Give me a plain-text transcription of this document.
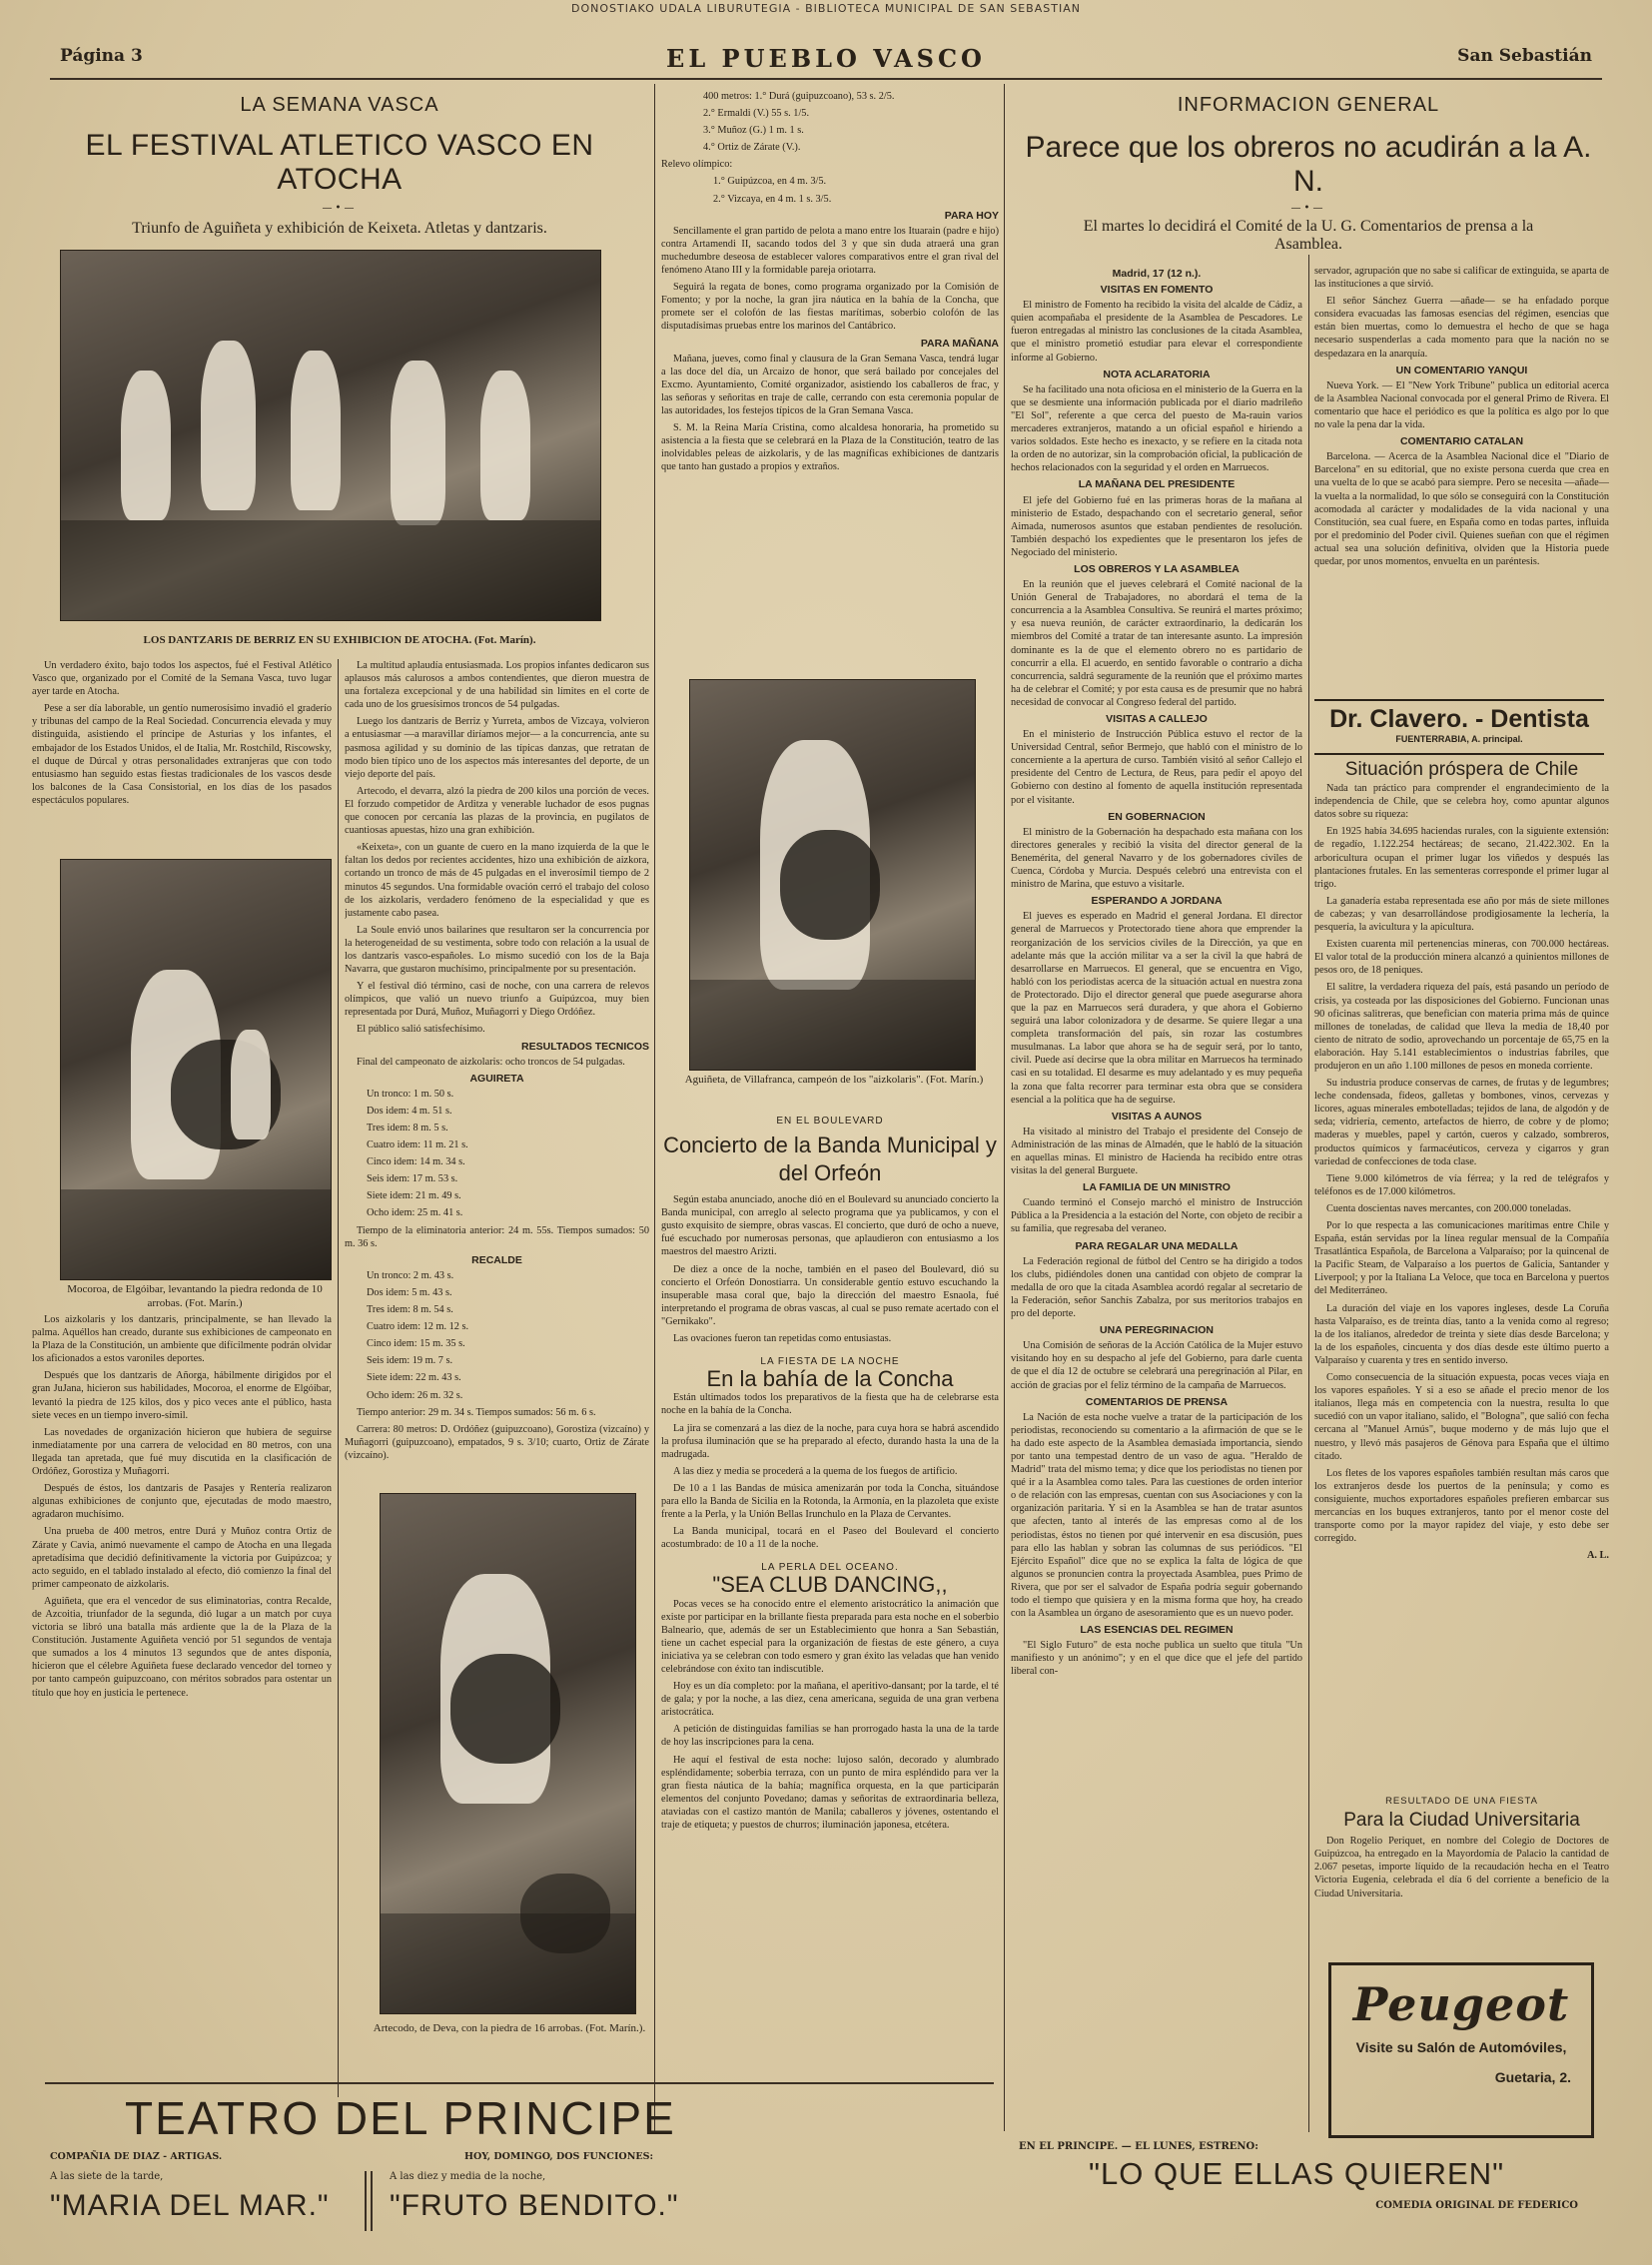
DONOSTIAKO UDALA LIBURUTEGIA - BIBLIOTECA MUNICIPAL DE SAN SEBASTIAN
Página 3	EL PUEBLO VASCO	San Sebastián
LA SEMANA VASCA
EL FESTIVAL ATLETICO VASCO EN ATOCHA
—•—
Triunfo de Aguiñeta y exhibición de Keixeta. Atletas y dantzaris.
LOS DANTZARIS DE BERRIZ EN SU EXHIBICION DE ATOCHA. (Fot. Marín).

Un verdadero éxito, bajo todos los aspectos, fué el Festival Atlético Vasco que, organizado por el Comité de la Semana Vasca, tuvo lugar ayer tarde en Atocha.

Pese a ser día laborable, un gentío numerosísimo invadió el graderío y tribunas del campo de la Real Sociedad. Concurrencia elevada y muy distinguida, asistiendo el príncipe de Asturias y los infantes, el embajador de los Estados Unidos, el de Italia, Mr. Rostchild, Riscowsky, el duque de Dúrcal y otras personalidades extranjeras que con todo entusiasmo han seguido estas fiestas tradicionales de los vascos desde los balcones de la Casa Consistorial, en los días de los pasados espectáculos populares.

Mocoroa, de Elgóibar, levantando la piedra redonda de 10 arrobas. (Fot. Marín.)

Los aizkolaris y los dantzaris, principalmente, se han llevado la palma. Aquéllos han creado, durante sus exhibiciones de campeonato en la Plaza de la Constitución, un ambiente que difícilmente podrán olvidar los aficionados a estos varoniles deportes.

Después que los dantzaris de Añorga, hábilmente dirigidos por el gran JuJana, hicieron sus habilidades, Mocoroa, el enorme de Elgóibar, levantó la piedra de 125 kilos, dos y pico veces ante el público, hasta siete veces en un tiempo invero-símil.

Las novedades de organización hicieron que hubiera de seguirse inmediatamente por una carrera de velocidad en 80 metros, con una llegada tan apretada, que fué muy discutida en la clasificación de Ordóñez, Gorostiza y Muñagorri.

Después de éstos, los dantzaris de Pasajes y Rentería realizaron algunas exhibiciones de conjunto que, ejecutadas de modo maestro, agradaron muchísimo.

Una prueba de 400 metros, entre Durá y Muñoz contra Ortiz de Zárate y Cavia, animó nuevamente el campo de Atocha en una llegada apretadísima que decidió definitivamente la victoria por Guipúzcoa; y acto seguido, en el tablado instalado al efecto, dió comienzo la final del primer campeonato de aizkolaris.

Aguiñeta, que era el vencedor de sus eliminatorias, contra Recalde, de Azcoitia, triunfador de la segunda, dió lugar a un match por cuya victoria se libró una batalla más ardiente que la de la Plaza de la Constitución. Justamente Aguiñeta venció por 51 segundos de ventaja que sumados a los 4 minutos 13 segundos que de antes disponía, hicieron que el célebre Aguiñeta fuese declarado vencedor del torneo y por tanto campeón guipuzcoano, con méritos sobrados para ostentar un título que hoy en justicia le pertenece.

La multitud aplaudía entusiasmada. Los propios infantes dedicaron sus aplausos más calurosos a ambos contendientes, que dieron muestra de una fortaleza excepcional y de una habilidad sin límites en el corte de cada uno de los gruesísimos troncos de 54 pulgadas.

Luego los dantzaris de Berriz y Yurreta, ambos de Vizcaya, volvieron a entusiasmar —a maravillar diríamos mejor— a la concurrencia, ante su pasmosa agilidad y su dominio de las típicas danzas, que retratan de modo bien típico uno de los aspectos más interesantes del deporte, de un viejo deporte del país.

Artecodo, el devarra, alzó la piedra de 200 kilos una porción de veces. El forzudo competidor de Arditza y venerable luchador de esos pugnas que conocen por cercanía las plazas de la provincia, en pugilatos de cuantiosas apuestas, hizo una gran exhibición.

«Keixeta», con un guante de cuero en la mano izquierda de la que le faltan los dedos por recientes accidentes, hizo una exhibición de aizkora, cortando un tronco de más de 45 pulgadas en el inverosímil tiempo de 2 minutos 45 segundos. Una formidable ovación cerró el trabajo del coloso de los aizkolaris, verdadero fenómeno de la especialidad y que es justamente cabo pasea.

La Soule envió unos bailarines que resultaron ser la concurrencia por la heterogeneidad de su vestimenta, sobre todo con relación a la usual de los dantzaris vasco-españoles. Lo mismo sucedió con los de la Baja Navarra, que gustaron muchísimo, principalmente por su presentación.

Y el festival dió término, casi de noche, con una carrera de relevos olímpicos, que valió un nuevo triunfo a Guipúzcoa, muy bien representada por Durá, Muñoz, Muñagorri y Diego Ordóñez.

El público salió satisfechísimo.

RESULTADOS TECNICOS

Final del campeonato de aizkolaris: ocho troncos de 54 pulgadas.

AGUIRETA

Un tronco: 1 m. 50 s.

Dos idem: 4 m. 51 s.

Tres idem: 8 m. 5 s.

Cuatro idem: 11 m. 21 s.

Cinco idem: 14 m. 34 s.

Seis idem: 17 m. 53 s.

Siete idem: 21 m. 49 s.

Ocho idem: 25 m. 41 s.

Tiempo de la eliminatoria anterior: 24 m. 55s. Tiempos sumados: 50 m. 36 s.

RECALDE

Un tronco: 2 m. 43 s.

Dos idem: 5 m. 43 s.

Tres idem: 8 m. 54 s.

Cuatro idem: 12 m. 12 s.

Cinco idem: 15 m. 35 s.

Seis idem: 19 m. 7 s.

Siete idem: 22 m. 43 s.

Ocho idem: 26 m. 32 s.

Tiempo anterior: 29 m. 34 s. Tiempos sumados: 56 m. 6 s.

Carrera: 80 metros: D. Ordóñez (guipuzcoano), Gorostiza (vizcaíno) y Muñagorri (guipuzcoano), empatados, 9 s. 3/10; cuarto, Ortiz de Zárate (vizcaíno).

Artecodo, de Deva, con la piedra de 16 arrobas. (Fot. Marín.).

400 metros: 1.° Durá (guipuzcoano), 53 s. 2/5.

2.° Ermaldi (V.) 55 s. 1/5.

3.° Muñoz (G.) 1 m. 1 s.

4.° Ortiz de Zárate (V.).

Relevo olímpico:

1.° Guipúzcoa, en 4 m. 3/5.

2.° Vizcaya, en 4 m. 1 s. 3/5.

PARA HOY

Sencillamente el gran partido de pelota a mano entre los Ituarain (padre e hijo) contra Artamendi II, sacando todos del 3 y que sin duda atraerá una gran muchedumbre deseosa de establecer valores comparativos entre el gran rival del fenómeno Atano III y la formidable pareja oriotarra.

Seguirá la regata de bones, como programa organizado por la Comisión de Fomento; y por la noche, la gran jira náutica en la bahía de la Concha, que promete ser el colofón de las fiestas marítimas, soberbio colofón de las disputadísimas pruebas entre los marinos del Cantábrico.

PARA MAÑANA

Mañana, jueves, como final y clausura de la Gran Semana Vasca, tendrá lugar a las doce del día, un Arcaizo de honor, que será bailado por concejales del Excmo. Ayuntamiento, Comité organizador, asistiendo los caballeros de frac, y las señoras y señoritas en traje de calle, cerrando con esta ceremonia popular de las autoridades, los festejos típicos de la Gran Semana Vasca.

S. M. la Reina María Cristina, como alcaldesa honoraria, ha prometido su asistencia a la fiesta que se celebrará en la Plaza de la Constitución, teatro de las inolvidables peleas de aizkolaris, y de las magníficas exhibiciones de dantzaris que tanto han gustado a propios y extraños.

Aguiñeta, de Villafranca, campeón de los "aizkolaris". (Fot. Marín.)
EN EL BOULEVARD
Concierto de la Banda Municipal y del Orfeón

Según estaba anunciado, anoche dió en el Boulevard su anunciado concierto la Banda municipal, con arreglo al selecto programa que ya publicamos, y con el gusto exquisito de siempre, obras vascas. El concierto, que duró de ocho a nueve, fué escuchado por numerosas personas, que aplaudieron con entusiasmo a los maestros del maestro Arizti.

De diez a once de la noche, también en el paseo del Boulevard, dió su concierto el Orfeón Donostiarra. Un considerable gentío estuvo escuchando la insuperable masa coral que, bajo la dirección del maestro Esnaola, fué interpretando el programa de obras vascas, al cual se puso remate acertado con el "Gernikako".

Las ovaciones fueron tan repetidas como entusiastas.

LA FIESTA DE LA NOCHE
En la bahía de la Concha

Están ultimados todos los preparativos de la fiesta que ha de celebrarse esta noche en la bahía de la Concha.

La jira se comenzará a las diez de la noche, para cuya hora se habrá ascendido la profusa iluminación que se ha preparado al efecto, durando hasta la una de la madrugada.

A las diez y media se procederá a la quema de los fuegos de artificio.

De 10 a 1 las Bandas de música amenizarán por toda la Concha, situándose para ello la Banda de Sicilia en la Rotonda, la Armonía, en la plazoleta que existe frente a la Perla, y la Unión Bellas Irunchulo en la Plaza de Cervantes.

La Banda municipal, tocará en el Paseo del Boulevard el concierto acostumbrado: de 10 a 11 de la noche.

LA PERLA DEL OCEANO.
"SEA CLUB DANCING,,

Pocas veces se ha conocido entre el elemento aristocrático la animación que existe por participar en la brillante fiesta preparada para esta noche en el soberbio Balneario, que, además de ser un Establecimiento que honra a San Sebastián, tiene un cachet especial para la organización de fiestas de este género, a cuya iniciativa ya se celebran con todo esmero y gran éxito las veladas que han venido celebrándose con éxito tan indiscutible.

Hoy es un día completo: por la mañana, el aperitivo-dansant; por la tarde, el té de gala; y por la noche, a las diez, cena americana, seguida de una gran verbena aristocrática.

A petición de distinguidas familias se han prorrogado hasta la una de la tarde de hoy las inscripciones para la cena.

He aquí el festival de esta noche: lujoso salón, decorado y alumbrado espléndidamente; soberbia terraza, con un punto de mira espléndido para ver la gran fiesta náutica de la bahía; magnífica orquesta, en la que participarán elementos del conjunto Povedano; damas y señoritas de extraordinaria belleza, ataviadas con el castizo mantón de Manila; caballeros y jóvenes, ostentando el traje de etiqueta; y puestos de churros; iluminación japonesa, etcétera.

INFORMACION GENERAL
Parece que los obreros no acudirán a la A. N.
—•—
El martes lo decidirá el Comité de la U. G. Comentarios de prensa a la Asamblea.
Madrid, 17 (12 n.).
VISITAS EN FOMENTO

El ministro de Fomento ha recibido la visita del alcalde de Cádiz, a quien acompañaba el presidente de la Asamblea de Pescadores. Le fueron entregadas al ministro las conclusiones de la citada Asamblea, que el ministro prometió estudiar para elevar el correspondiente informe al Gobierno.

NOTA ACLARATORIA

Se ha facilitado una nota oficiosa en el ministerio de la Guerra en la que se desmiente una información publicada por el diario madrileño "El Sol", referente a que cerca del puesto de Ma-rauin varios mercaderes extranjeros, matando a un oficial español e hiriendo a varios soldados. Este hecho es inexacto, y se refiere en la citada nota la orden de no autorizar, sin la comprobación oficial, la publicación de hechos relacionados con la seguridad y el orden en Marruecos.

LA MAÑANA DEL PRESIDENTE

El jefe del Gobierno fué en las primeras horas de la mañana al ministerio de Estado, despachando con el secretario general, señor Aimada, numerosos asuntos que estaban pendientes de resolución. También despachó los expedientes que le presentaron los jefes de Negociado del ministerio.

LOS OBREROS Y LA ASAMBLEA

En la reunión que el jueves celebrará el Comité nacional de la Unión General de Trabajadores, no abordará el tema de la concurrencia a la Asamblea Consultiva. Se reunirá el martes próximo; y esa nueva reunión, de carácter extraordinario, la dedicarán los miembros del Comité a tratar de tan interesante asunto. La impresión dominante es la de que el elemento obrero no es partidario de concurrir a ella. El acuerdo, en sentido favorable o contrario a dicha concurrencia, saldrá seguramente de la reunión que el próximo martes ha de celebrar el Comité; y por esta causa es de presumir que no habrá necesidad de convocar al Congreso federal del partido.

VISITAS A CALLEJO

En el ministerio de Instrucción Pública estuvo el rector de la Universidad Central, señor Bermejo, que habló con el ministro de lo concerniente a la apertura de curso. También visitó al señor Callejo el presidente del Centro de Lectura, de Reus, para pedir el apoyo del Gobierno con destino al fomento de aquella institución representada por el visitante.

EN GOBERNACION

El ministro de la Gobernación ha despachado esta mañana con los directores generales y recibió la visita del director general de la Benemérita, del general Navarro y de los gobernadores civiles de Cuenca, Córdoba y Murcia. Después celebró una entrevista con el ministro de Marina, que estuvo a visitarle.

ESPERANDO A JORDANA

El jueves es esperado en Madrid el general Jordana. El director general de Marruecos y Protectorado tiene ahora que emprender la reorganización de los servicios civiles de la Dirección, ya que en adelante más que la acción militar va a ser la civil la que habrá de desarrollarse en Marruecos. El general, que se encuentra en Vigo, habló con los periodistas acerca de la situación actual en nuestra zona de Protectorado. Dijo el director general que puede asegurarse ahora que la paz en Marruecos será duradera, y que ahora el Gobierno seguirá una labor colonizadora y de desarme. Se quiere llegar a una completa transformación del país, sin rozar las costumbres musulmanas. La labor que ahora se ha de seguir será, por lo tanto, civil. Puede así decirse que la obra militar en Marruecos ha terminado casi en su totalidad. El desarme es muy adelantado y es muy pequeña la zona que falta recorrer para terminar esta obra que se considera esencial a la política que ha de seguirse.

VISITAS A AUNOS

Ha visitado al ministro del Trabajo el presidente del Consejo de Administración de las minas de Almadén, que le habló de la situación en aquellas minas. El ministro de Hacienda ha recibido entre otras visitas la del general Burguete.

LA FAMILIA DE UN MINISTRO

Cuando terminó el Consejo marchó el ministro de Instrucción Pública a la Presidencia a la estación del Norte, con objeto de recibir a su familia, que regresaba del veraneo.

PARA REGALAR UNA MEDALLA

La Federación regional de fútbol del Centro se ha dirigido a todos los clubs, pidiéndoles donen una cantidad con objeto de comprar la medalla de oro que la citada Asamblea acordó regalar al secretario de la Federación, señor Sanchís Zabalza, por sus meritorios trabajos en pro del deporte.

UNA PEREGRINACION

Una Comisión de señoras de la Acción Católica de la Mujer estuvo visitando hoy en su despacho al jefe del Gobierno, para darle cuenta de que el día 12 de octubre se celebrará una peregrinación al Pilar, en acción de gracias por el feliz término de la campaña de Marruecos.

COMENTARIOS DE PRENSA

La Nación de esta noche vuelve a tratar de la participación de los periodistas, reconociendo su comentario a la afirmación de que se le ha dado este aspecto de la Asamblea demasiada importancia, siendo por tanto una tempestad dentro de un vaso de agua. "Heraldo de Madrid" trata del mismo tema; y dice que los periodistas no tienen por qué ir a la Asamblea como tales. Para las cuestiones de orden interior o de relación con las empresas, cuentan con sus Asociaciones y con la organización paritaria. Y si en la Asamblea se han de tratar asuntos que afecten, tanto al interés de las empresas como al de los periodistas, éstos no tienen por qué intervenir en esa discusión, pues para ello las hablan y sobran las columnas de sus periódicos. "El Ejército Español" dice que no se explica la falta de lógica de que algunos se pronuncien contra la proyectada Asamblea, pues Primo de Rivera, que por ser el salvador de España podría seguir gobernando todo el tiempo que quisiera y en la misma forma que hoy, ha creado con la Asamblea un órgano de asesoramiento que es un nuevo poder.

LAS ESENCIAS DEL REGIMEN

"El Siglo Futuro" de esta noche publica un suelto que titula "Un manifiesto y un anónimo"; y en el que dice que el jefe del partido liberal con-

servador, agrupación que no sabe si calificar de extinguida, se aparta de las instituciones a que sirvió.

El señor Sánchez Guerra —añade— se ha enfadado porque considera evacuadas las famosas esencias del régimen, esencias que están bien muertas, como lo demuestra el hecho de que se haga necesario suspenderlas a cada momento para que la nación no se despedazara en la anarquía.

UN COMENTARIO YANQUI

Nueva York. — El "New York Tribune" publica un editorial acerca de la Asamblea Nacional convocada por el general Primo de Rivera. El comentario que hace el periódico es que la política es algo por lo que no vale la pena dar la vida.

COMENTARIO CATALAN

Barcelona. — Acerca de la Asamblea Nacional dice el "Diario de Barcelona" en su editorial, que no existe persona cuerda que crea en una vuelta de lo que se acabó para siempre. Pero se necesita —añade— la vuelta a la normalidad, lo que sólo se conseguirá con la Constitución acomodada al carácter y modalidades de la vida nacional y una Constitución, sea cual fuere, en España como en todas partes, influida por el predominio del Poder civil. Quienes sueñan con que el régimen actual sea una solución definitiva, olviden que la Historia puede quedar, por unos momentos, envuelta en un paréntesis.

Dr. Clavero. - Dentista
FUENTERRABIA, A. principal.
Situación próspera de Chile

Nada tan práctico para comprender el engrandecimiento de la independencia de Chile, que se celebra hoy, como apuntar algunos datos sobre su riqueza:

En 1925 había 34.695 haciendas rurales, con la siguiente extensión: de regadío, 1.122.254 hectáreas; de secano, 21.422.302. En la arboricultura ocupan el primer lugar los viñedos y después las plantaciones frutales. En las sementeras corresponde el primer lugar al trigo.

La ganadería estaba representada ese año por más de siete millones de cabezas; y van desarrollándose prodigiosamente la lechería, la pesquería, la avicultura y la apicultura.

Existen cuarenta mil pertenencias mineras, con 700.000 hectáreas. El valor total de la producción minera alcanzó a quinientos millones de pesos oro, de 18 peniques.

El salitre, la verdadera riqueza del país, está pasando un período de crisis, ya costeada por las disposiciones del Gobierno. Funcionan unas 90 oficinas salitreras, que benefician con materia prima más de quince millones de toneladas, de calidad que lleva la media de 18,40 por ciento de nitrato de sodio, aprovechando un porcentaje de 65,75 en la elaboración. Hay 5.141 establecimientos o industrias fabriles, que produjeron en un año 1.100 millones de pesos en moneda corriente.

Su industria produce conservas de carnes, de frutas y de legumbres; leche condensada, fideos, galletas y bombones, vinos, cervezas y licores, aguas minerales embotelladas; tejidos de lana, de algodón y de seda; vidriería, cemento, artefactos de hierro, de cobre y de plomo; maderas y muebles, papel y cartón, cueros y calzado, sombreros, productos químicos y farmacéuticos, cerveza y cigarros y gran variedad de confecciones de toda clase.

Tiene 9.000 kilómetros de vía férrea; y la red de telégrafos y teléfonos es de 17.000 kilómetros.

Cuenta doscientas naves mercantes, con 200.000 toneladas.

Por lo que respecta a las comunicaciones marítimas entre Chile y España, están servidas por la línea regular mensual de la Compañía Trasatlántica Española, de Barcelona a Valparaíso; por la quincenal de la Pacific Steam, de Valparaíso a los puertos de Galicia, Santander y Liverpool; y por la Italiana La Veloce, que toca en Barcelona y puertos del Mediterráneo.

La duración del viaje en los vapores ingleses, desde La Coruña hasta Valparaíso, es de treinta días, tanto a la venida como al regreso; la de los italianos, alrededor de treinta y siete días desde Barcelona; y la de los españoles, cincuenta y dos días desde este último puerto a Valparaíso y cuarenta y tres en sentido inverso.

Como consecuencia de la situación expuesta, pocas veces viaja en los vapores españoles. Y si a eso se añade el precio menor de los italianos, llega más en competencia con la nuestra, resulta lo que sucedió con un vapor italiano, salido, el "Bologna", que salió con fecha cercana al "Manuel Arnús", buque moderno y de más lujo que el nuestro, y llevó más pasajeros de Génova para España que el último citado.

Los fletes de los vapores españoles también resultan más caros que los extranjeros desde los puertos de la península; y como es consiguiente, muchos exportadores españoles prefieren embarcar sus mercancías en los buques extranjeros, tanto por el menor coste del transporte como por la mayor rapidez del viaje, y esto debe ser corregido.

A. L.
RESULTADO DE UNA FIESTA
Para la Ciudad Universitaria

Don Rogelio Periquet, en nombre del Colegio de Doctores de Guipúzcoa, ha entregado en la Mayordomía de Palacio la cantidad de 2.067 pesetas, importe líquido de la recaudación hecha en el Teatro Victoria Eugenia, celebrada el día 6 del corriente a beneficio de la Ciudad Universitaria.

Peugeot
Visite su Salón de Automóviles,
Guetaria, 2.
TEATRO DEL PRINCIPE
COMPAÑIA DE DIAZ - ARTIGAS.	HOY, DOMINGO, DOS FUNCIONES:
A las siete de la tarde,
"MARIA DEL MAR."
A las diez y media de la noche,
"FRUTO BENDITO."
EN EL PRINCIPE. — EL LUNES, ESTRENO:
"LO QUE ELLAS QUIEREN"
COMEDIA ORIGINAL DE FEDERICO
